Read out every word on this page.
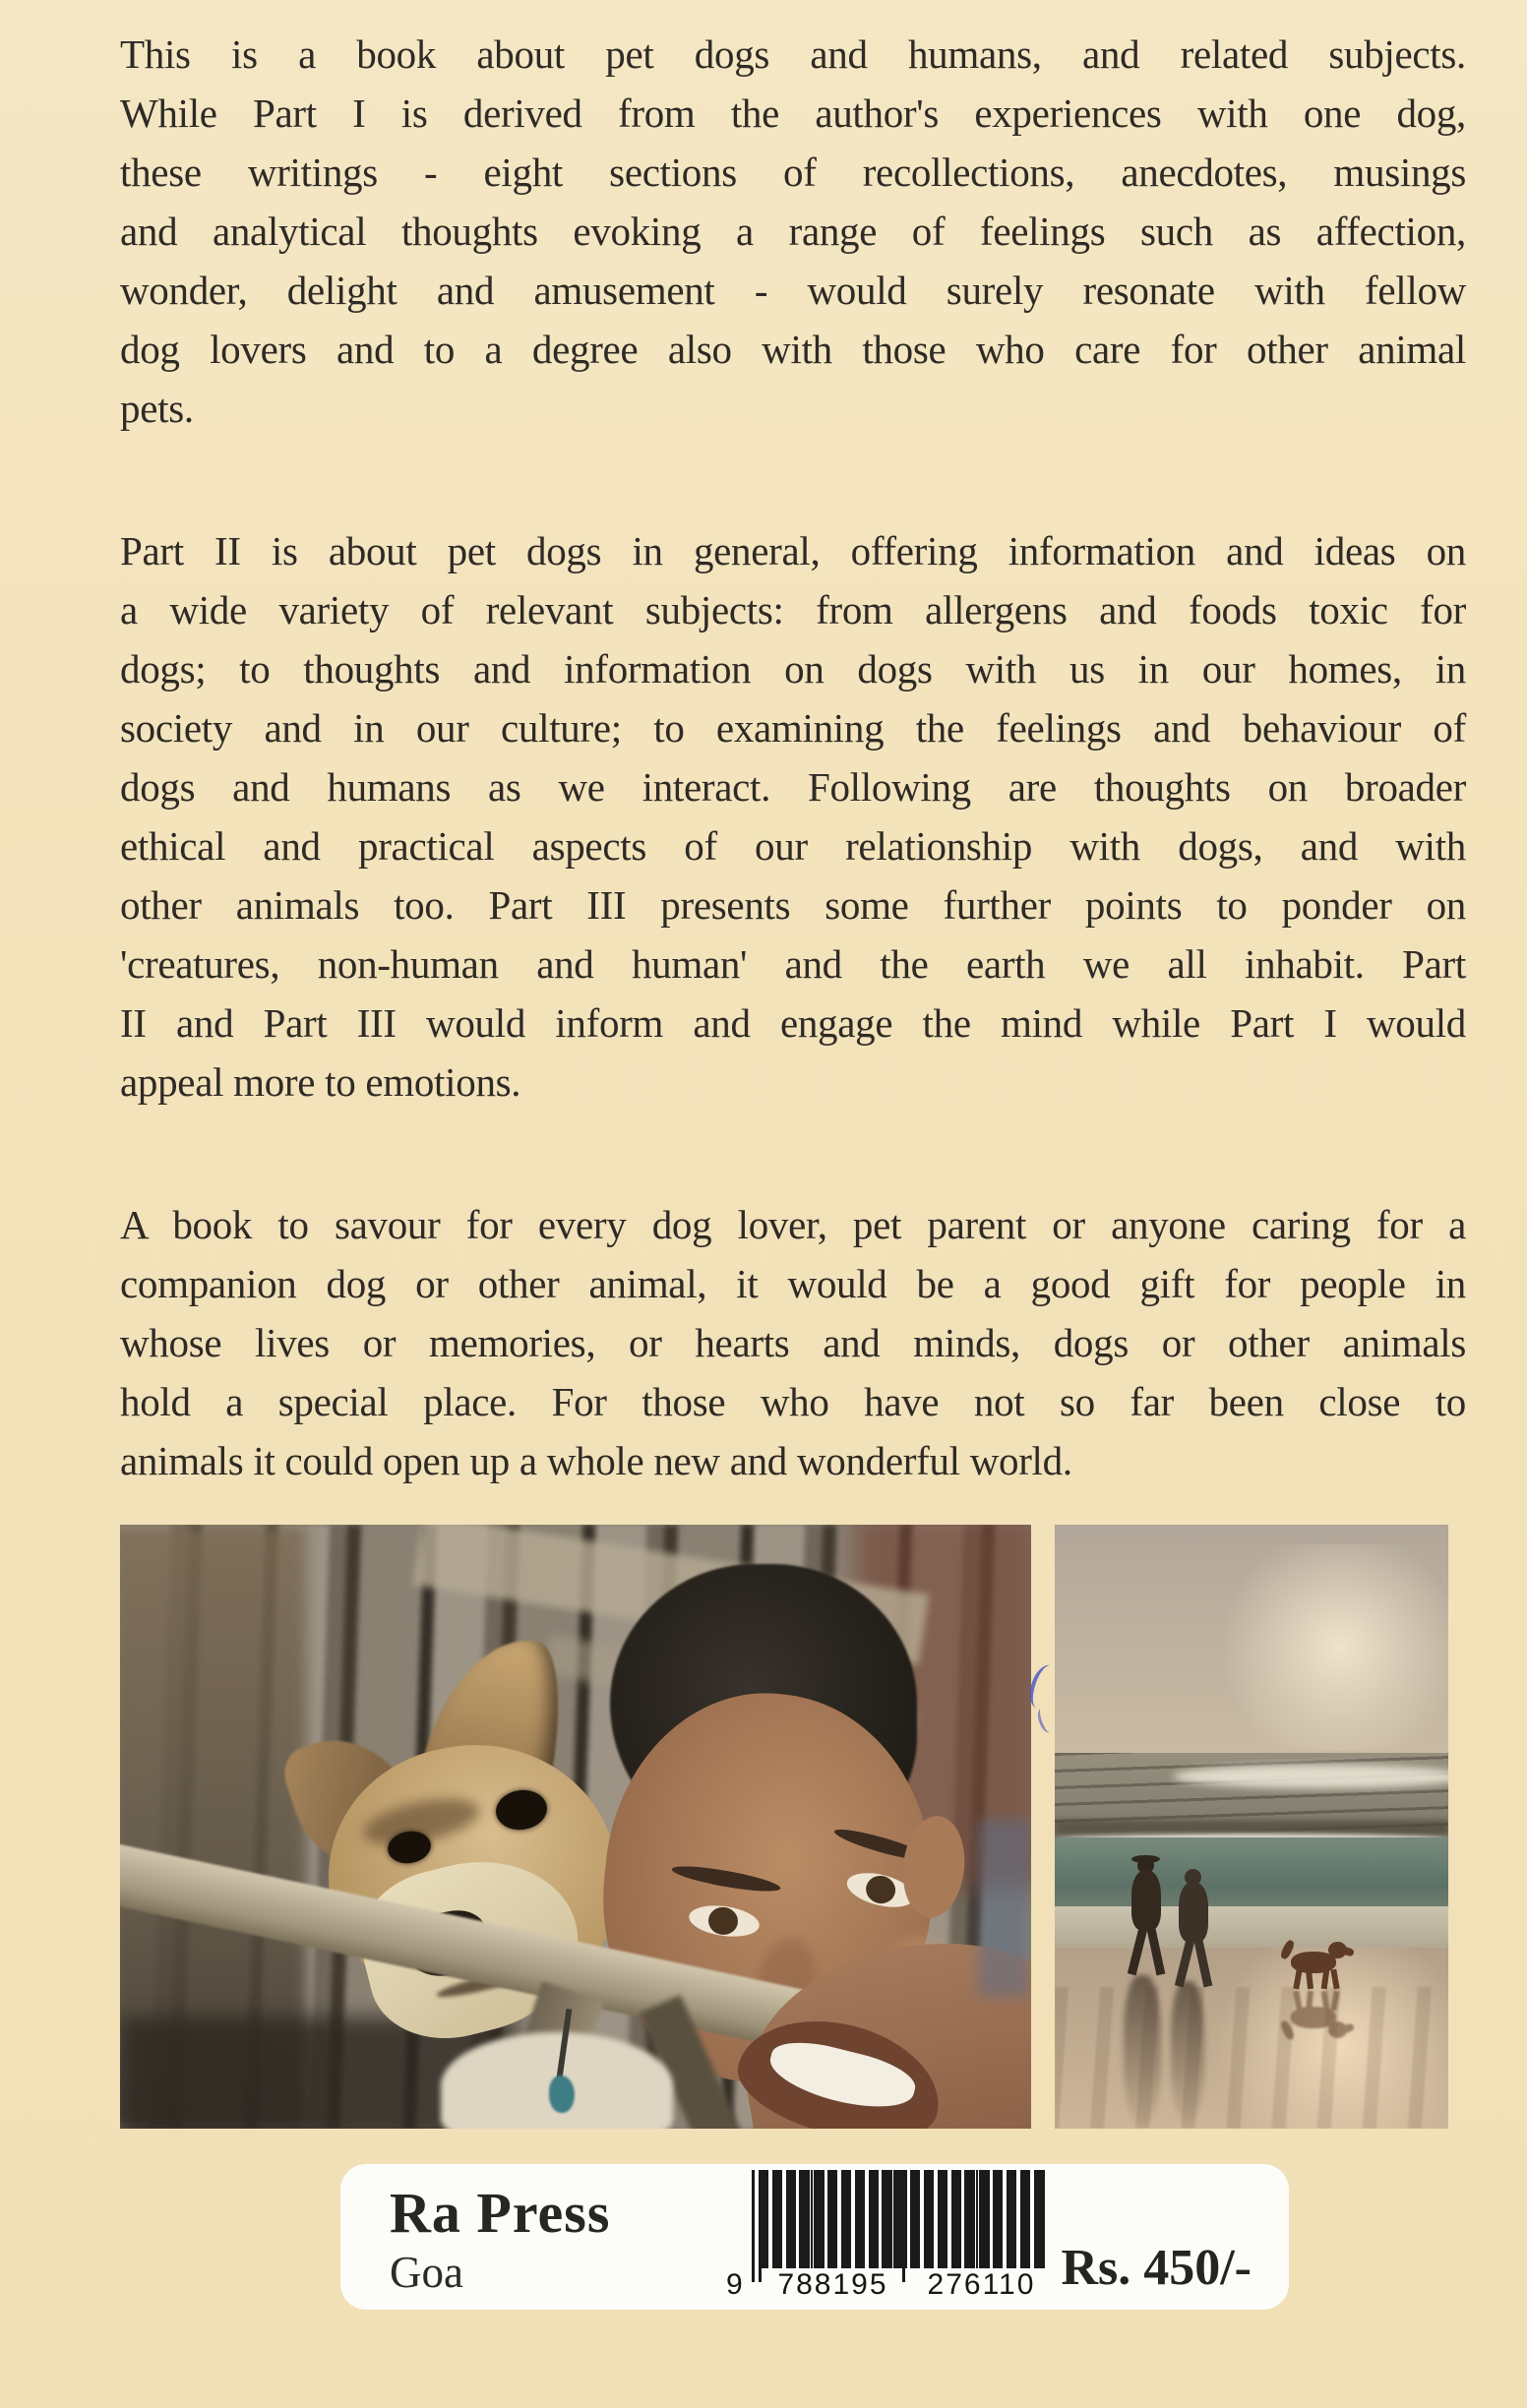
This is a book about pet dogs and humans, and related subjects.
While Part I is derived from the author's experiences with one dog,
these writings - eight sections of recollections, anecdotes, musings
and analytical thoughts evoking a range of feelings such as affection,
wonder, delight and amusement - would surely resonate with fellow
dog lovers and to a degree also with those who care for other animal
pets.
Part II is about pet dogs in general, offering information and ideas on
a wide variety of relevant subjects: from allergens and foods toxic for
dogs; to thoughts and information on dogs with us in our homes, in
society and in our culture; to examining the feelings and behaviour of
dogs and humans as we interact. Following are thoughts on broader
ethical and practical aspects of our relationship with dogs, and with
other animals too. Part III presents some further points to ponder on
'creatures, non-human and human' and the earth we all inhabit. Part
II and Part III would inform and engage the mind while Part I would
appeal more to emotions.
A book to savour for every dog lover, pet parent or anyone caring for a
companion dog or other animal, it would be a good gift for people in
whose lives or memories, or hearts and minds, dogs or other animals
hold a special place. For those who have not so far been close to
animals it could open up a whole new and wonderful world.
Ra Press
Goa	9	788195	276110 Rs. 450/-
